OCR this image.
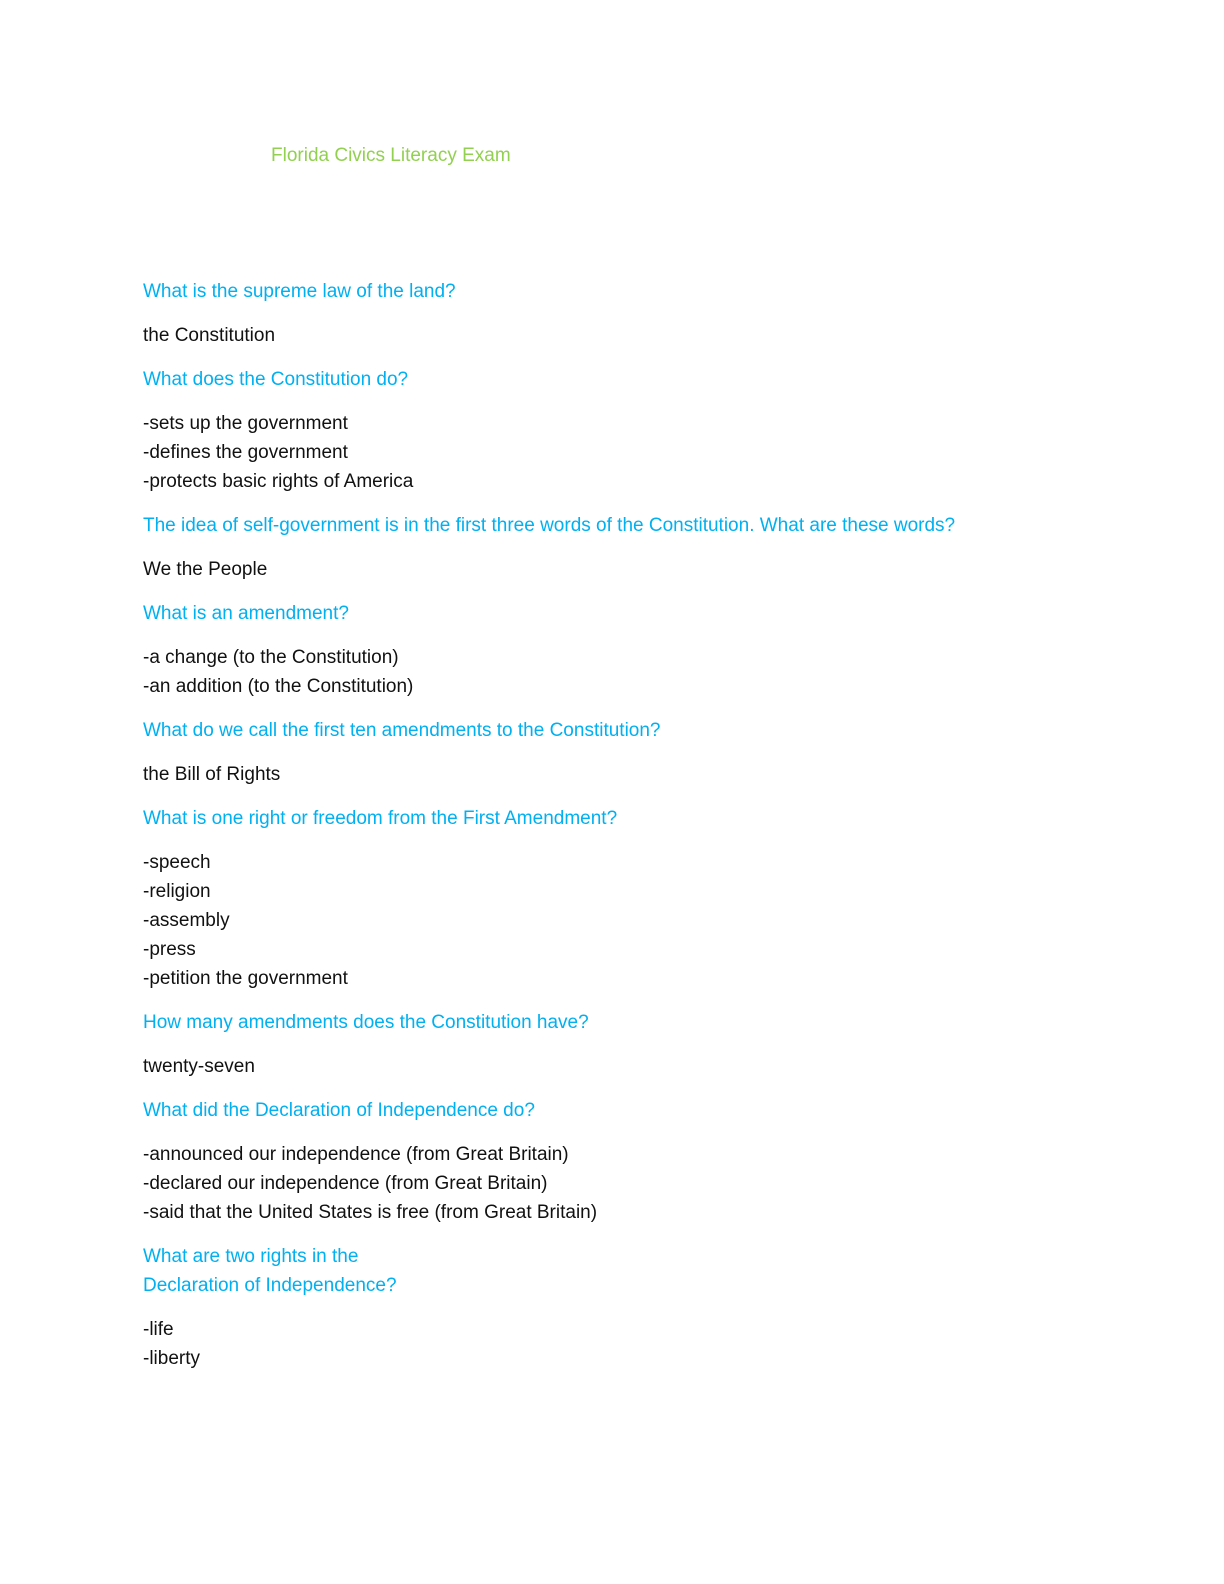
Florida Civics Literacy Exam
What is the supreme law of the land?
the Constitution
What does the Constitution do?
-sets up the government
-defines the government
-protects basic rights of America
The idea of self-government is in the first three words of the Constitution. What are these words?
We the People
What is an amendment?
-a change (to the Constitution)
-an addition (to the Constitution)
What do we call the first ten amendments to the Constitution?
the Bill of Rights
What is one right or freedom from the First Amendment?
-speech
-religion
-assembly
-press
-petition the government
How many amendments does the Constitution have?
twenty-seven
What did the Declaration of Independence do?
-announced our independence (from Great Britain)
-declared our independence (from Great Britain)
-said that the United States is free (from Great Britain)
What are two rights in the
Declaration of Independence?
-life
-liberty
